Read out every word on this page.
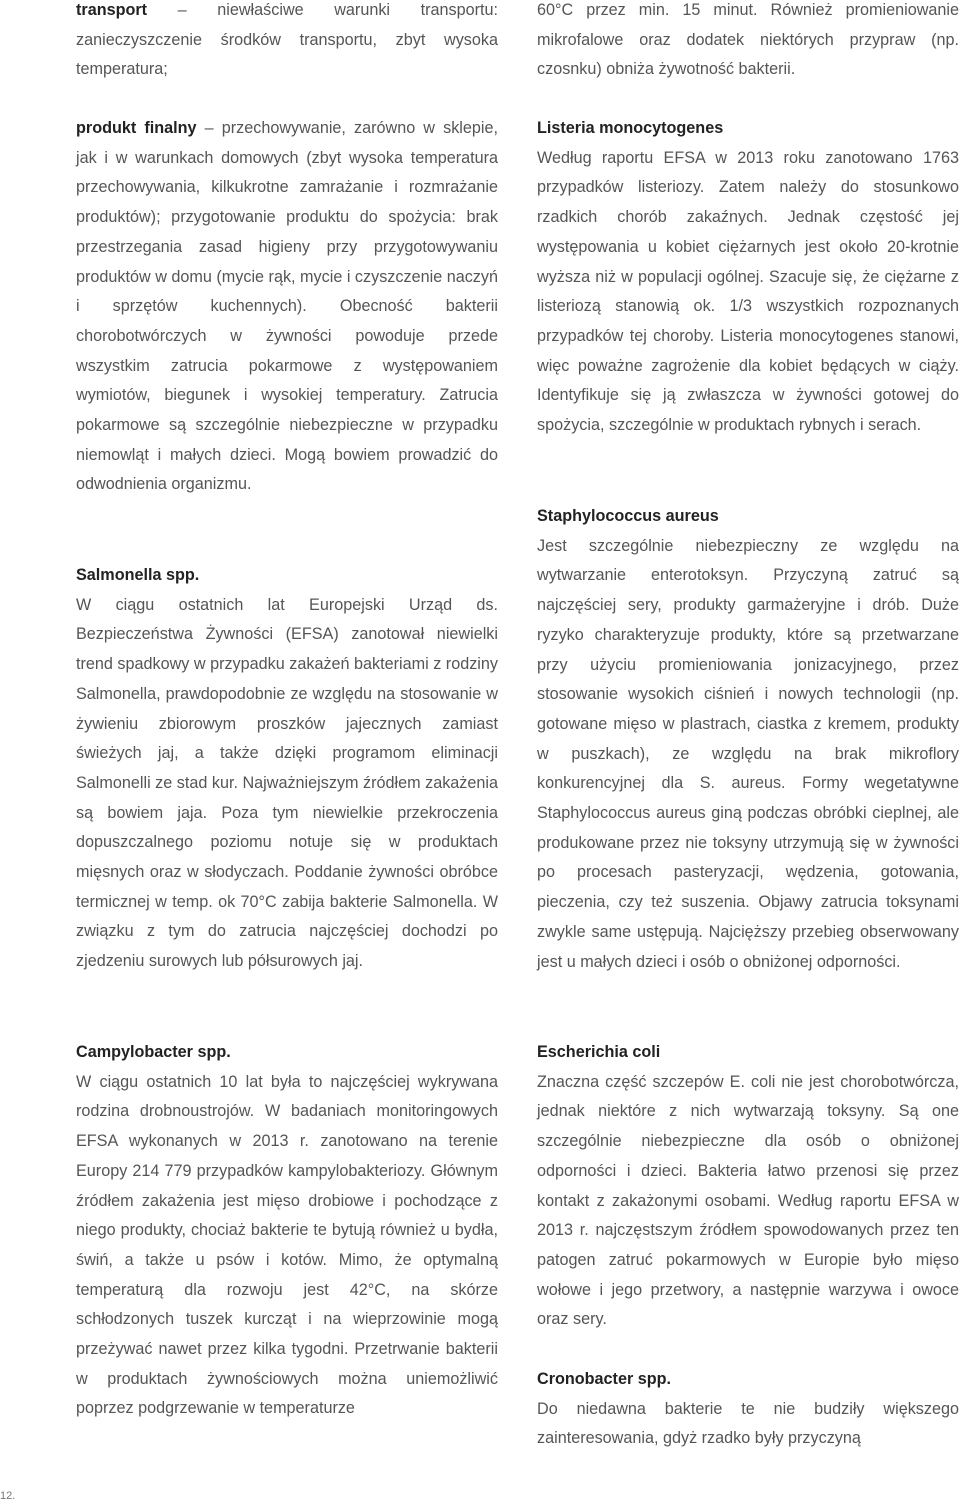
transport – niewłaściwe warunki transportu: zanieczyszczenie środków transportu, zbyt wysoka temperatura;

produkt finalny – przechowywanie, zarówno w sklepie, jak i w warunkach domowych (zbyt wysoka temperatura przechowywania, kilkukrotne zamrażanie i rozmrażanie produktów); przygotowanie produktu do spożycia: brak przestrzegania zasad higieny przy przygotowywaniu produktów w domu (mycie rąk, mycie i czyszczenie naczyń i sprzętów kuchennych). Obecność bakterii chorobotwórczych w żywności powoduje przede wszystkim zatrucia pokarmowe z występowaniem wymiotów, biegunek i wysokiej temperatury. Zatrucia pokarmowe są szczególnie niebezpieczne w przypadku niemowląt i małych dzieci. Mogą bowiem prowadzić do odwodnienia organizmu.

Salmonella spp.

W ciągu ostatnich lat Europejski Urząd ds. Bezpieczeństwa Żywności (EFSA) zanotował niewielki trend spadkowy w przypadku zakażeń bakteriami z rodziny Salmonella, prawdopodobnie ze względu na stosowanie w żywieniu zbiorowym proszków jajecznych zamiast świeżych jaj, a także dzięki programom eliminacji Salmonelli ze stad kur. Najważniejszym źródłem zakażenia są bowiem jaja. Poza tym niewielkie przekroczenia dopuszczalnego poziomu notuje się w produktach mięsnych oraz w słodyczach. Poddanie żywności obróbce termicznej w temp. ok 70°C zabija bakterie Salmonella. W związku z tym do zatrucia najczęściej dochodzi po zjedzeniu surowych lub półsurowych jaj.

Campylobacter spp.

W ciągu ostatnich 10 lat była to najczęściej wykrywana rodzina drobnoustrojów. W badaniach monitoringowych EFSA wykonanych w 2013 r. zanotowano na terenie Europy 214 779 przypadków kampylobakteriozy. Głównym źródłem zakażenia jest mięso drobiowe i pochodzące z niego produkty, chociaż bakterie te bytują również u bydła, świń, a także u psów i kotów. Mimo, że optymalną temperaturą dla rozwoju jest 42°C, na skórze schłodzonych tuszek kurcząt i na wieprzowinie mogą przeżywać nawet przez kilka tygodni. Przetrwanie bakterii w produktach żywnościowych można uniemożliwić poprzez podgrzewanie w temperaturze

60°C przez min. 15 minut. Również promieniowanie mikrofalowe oraz dodatek niektórych przypraw (np. czosnku) obniża żywotność bakterii.

Listeria monocytogenes

Według raportu EFSA w 2013 roku zanotowano 1763 przypadków listeriozy. Zatem należy do stosunkowo rzadkich chorób zakaźnych. Jednak częstość jej występowania u kobiet ciężarnych jest około 20-krotnie wyższa niż w populacji ogólnej. Szacuje się, że ciężarne z listeriozą stanowią ok. 1/3 wszystkich rozpoznanych przypadków tej choroby. Listeria monocytogenes stanowi, więc poważne zagrożenie dla kobiet będących w ciąży. Identyfikuje się ją zwłaszcza w żywności gotowej do spożycia, szczególnie w produktach rybnych i serach.

Staphylococcus aureus

Jest szczególnie niebezpieczny ze względu na wytwarzanie enterotoksyn. Przyczyną zatruć są najczęściej sery, produkty garmażeryjne i drób. Duże ryzyko charakteryzuje produkty, które są przetwarzane przy użyciu promieniowania jonizacyjnego, przez stosowanie wysokich ciśnień i nowych technologii (np. gotowane mięso w plastrach, ciastka z kremem, produkty w puszkach), ze względu na brak mikroflory konkurencyjnej dla S. aureus. Formy wegetatywne Staphylococcus aureus giną podczas obróbki cieplnej, ale produkowane przez nie toksyny utrzymują się w żywności po procesach pasteryzacji, wędzenia, gotowania, pieczenia, czy też suszenia. Objawy zatrucia toksynami zwykle same ustępują. Najcięższy przebieg obserwowany jest u małych dzieci i osób o obniżonej odporności.

Escherichia coli

Znaczna część szczepów E. coli nie jest chorobotwórcza, jednak niektóre z nich wytwarzają toksyny. Są one szczególnie niebezpieczne dla osób o obniżonej odporności i dzieci. Bakteria łatwo przenosi się przez kontakt z zakażonymi osobami. Według raportu EFSA w 2013 r. najczęstszym źródłem spowodowanych przez ten patogen zatruć pokarmowych w Europie było mięso wołowe i jego przetwory, a następnie warzywa i owoce oraz sery.

Cronobacter spp.

Do niedawna bakterie te nie budziły większego zainteresowania, gdyż rzadko były przyczyną

12.
